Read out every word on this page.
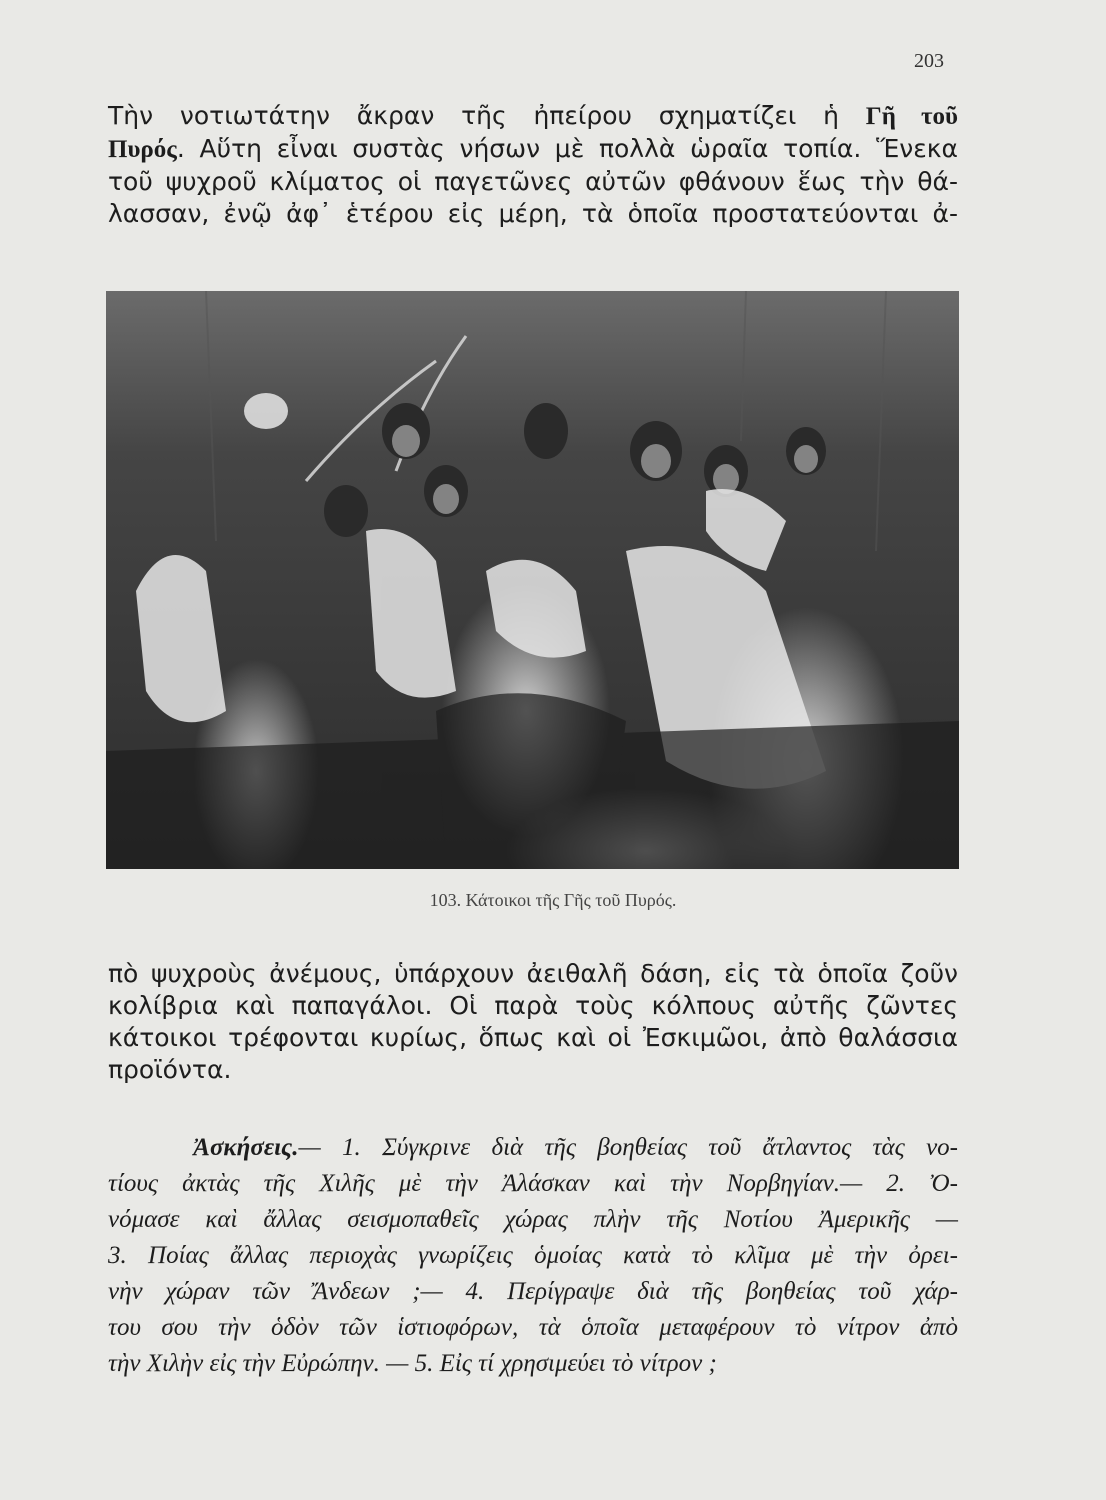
203

Τὴν νοτιωτάτην ἄκραν τῆς ἠπείρου σχηματίζει ἡ Γῆ τοῦ
Πυρός. Αὕτη εἶναι συστὰς νήσων μὲ πολλὰ ὡραῖα τοπία. Ἕνεκα
τοῦ ψυχροῦ κλίματος οἱ παγετῶνες αὐτῶν φθάνουν ἕως τὴν θά-
λασσαν, ἐνῷ ἀφ᾽ ἑτέρου εἰς μέρη, τὰ ὁποῖα προστατεύονται ἀ-

103. Κάτοικοι τῆς Γῆς τοῦ Πυρός.

πὸ ψυχροὺς ἀνέμους, ὑπάρχουν ἀειθαλῆ δάση, εἰς τὰ ὁποῖα ζοῦν
κολίβρια καὶ παπαγάλοι. Οἱ παρὰ τοὺς κόλπους αὐτῆς ζῶντες
κάτοικοι τρέφονται κυρίως, ὅπως καὶ οἱ Ἐσκιμῶοι, ἀπὸ θαλάσσια
προϊόντα.

Ἀσκήσεις.— 1. Σύγκρινε διὰ τῆς βοηθείας τοῦ ἄτλαντος τὰς νο-
τίους ἀκτὰς τῆς Χιλῆς μὲ τὴν Ἀλάσκαν καὶ τὴν Νορβηγίαν.— 2. Ὀ-
νόμασε καὶ ἄλλας σεισμοπαθεῖς χώρας πλὴν τῆς Νοτίου Ἀμερικῆς —
3. Ποίας ἄλλας περιοχὰς γνωρίζεις ὁμοίας κατὰ τὸ κλῖμα μὲ τὴν ὀρει-
νὴν χώραν τῶν Ἄνδεων ;— 4. Περίγραψε διὰ τῆς βοηθείας τοῦ χάρ-
του σου τὴν ὁδὸν τῶν ἱστιοφόρων, τὰ ὁποῖα μεταφέρουν τὸ νίτρον ἀπὸ
τὴν Χιλὴν εἰς τὴν Εὐρώπην. — 5. Εἰς τί χρησιμεύει τὸ νίτρον ;
